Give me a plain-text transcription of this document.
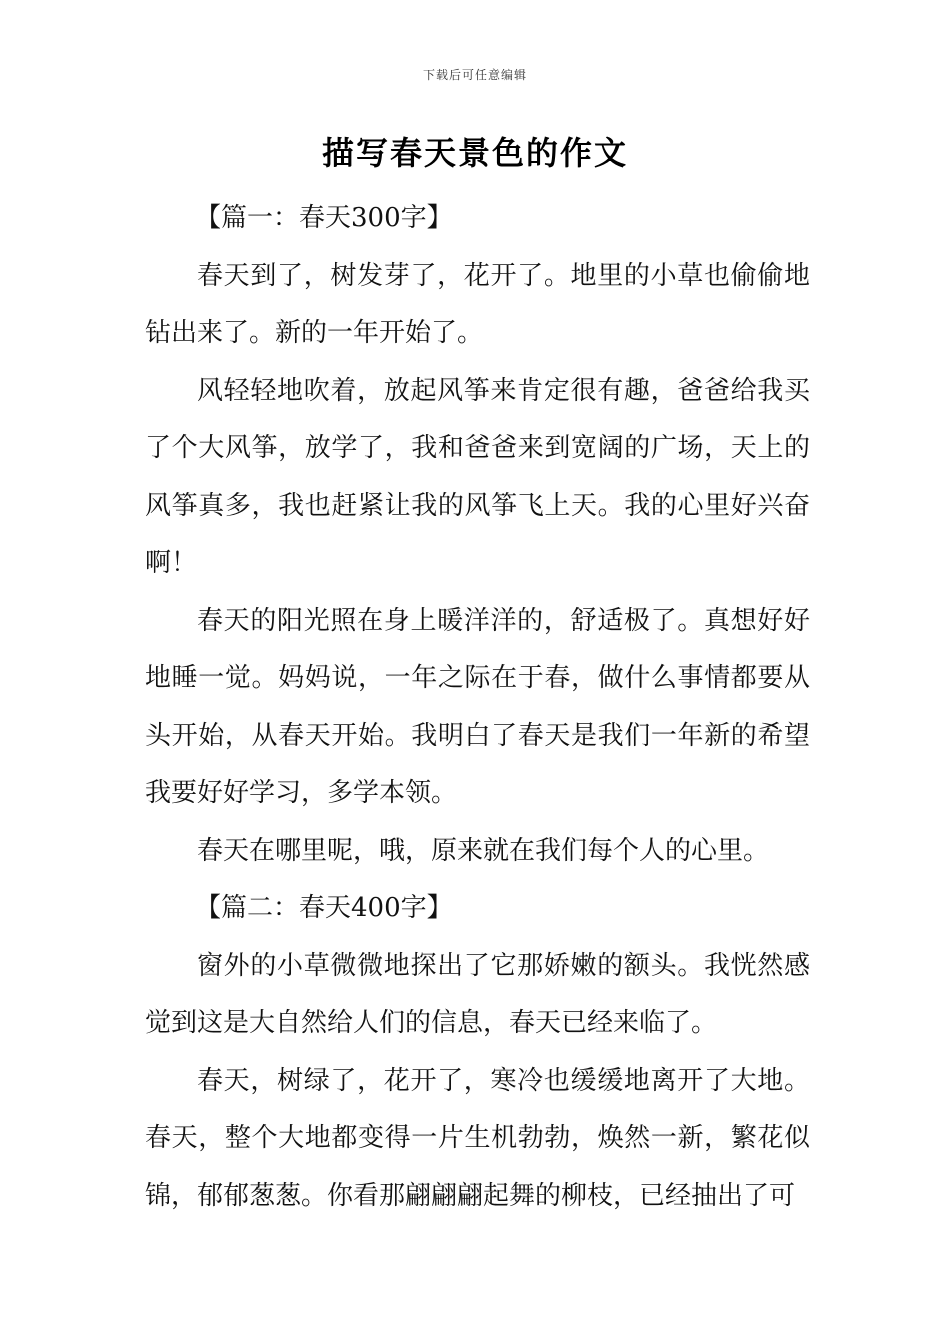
下载后可任意编辑
描写春天景色的作文

【篇一：春天300字】

春天到了，树发芽了，花开了。地里的小草也偷偷地钻出来了。新的一年开始了。

风轻轻地吹着，放起风筝来肯定很有趣，爸爸给我买了个大风筝，放学了，我和爸爸来到宽阔的广场，天上的风筝真多，我也赶紧让我的风筝飞上天。我的心里好兴奋啊！

春天的阳光照在身上暖洋洋的，舒适极了。真想好好地睡一觉。妈妈说，一年之际在于春，做什么事情都要从头开始，从春天开始。我明白了春天是我们一年新的希望我要好好学习，多学本领。

春天在哪里呢，哦，原来就在我们每个人的心里。

【篇二：春天400字】

窗外的小草微微地探出了它那娇嫩的额头。我恍然感觉到这是大自然给人们的信息，春天已经来临了。

春天，树绿了，花开了，寒冷也缓缓地离开了大地。春天，整个大地都变得一片生机勃勃，焕然一新，繁花似锦，郁郁葱葱。你看那翩翩翩起舞的柳枝，已经抽出了可
